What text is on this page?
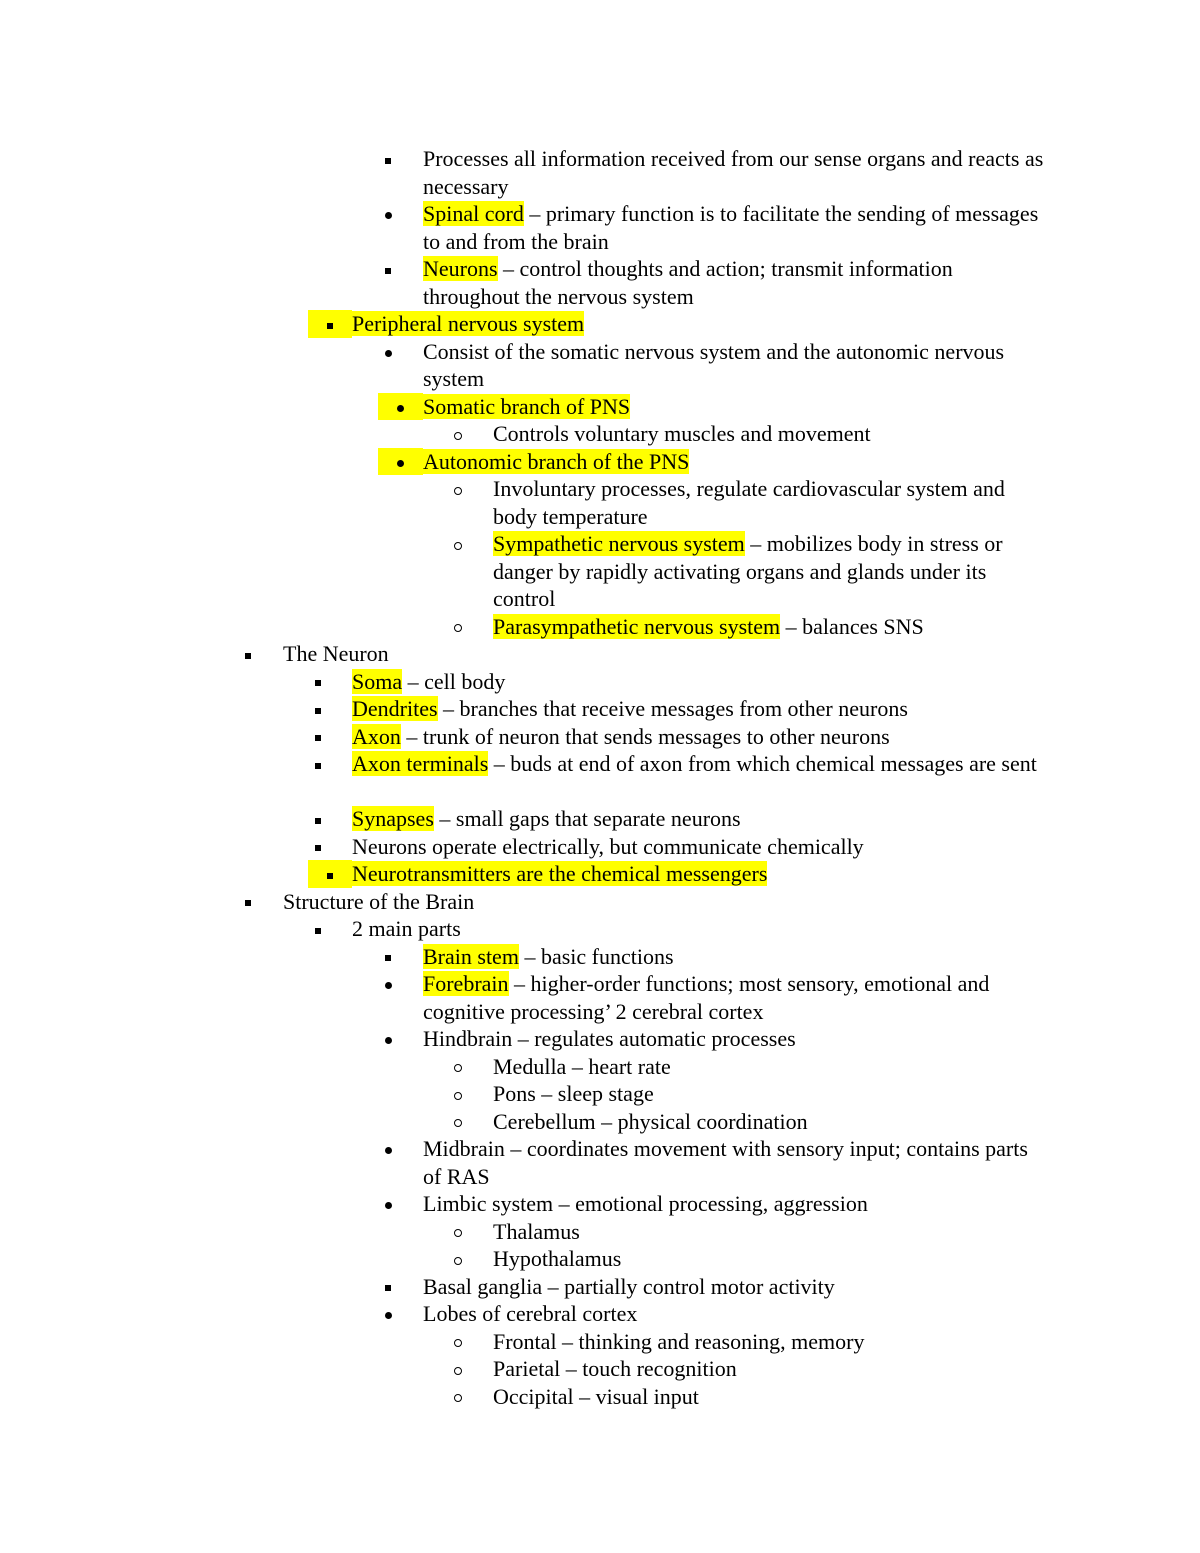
Processes all information received from our sense organs and reacts as necessary
Spinal cord – primary function is to facilitate the sending of messages to and from the brain
Neurons – control thoughts and action; transmit information throughout the nervous system
Peripheral nervous system
Consist of the somatic nervous system and the autonomic nervous system
Somatic branch of PNS
Controls voluntary muscles and movement
Autonomic branch of the PNS
Involuntary processes, regulate cardiovascular system and body temperature
Sympathetic nervous system – mobilizes body in stress or danger by rapidly activating organs and glands under its control
Parasympathetic nervous system – balances SNS
The Neuron
Soma – cell body
Dendrites – branches that receive messages from other neurons
Axon – trunk of neuron that sends messages to other neurons
Axon terminals – buds at end of axon from which chemical messages are sent
Synapses – small gaps that separate neurons
Neurons operate electrically, but communicate chemically
Neurotransmitters are the chemical messengers
Structure of the Brain
2 main parts
Brain stem – basic functions
Forebrain – higher-order functions; most sensory, emotional and cognitive processing’ 2 cerebral cortex
Hindbrain – regulates automatic processes
Medulla – heart rate
Pons – sleep stage
Cerebellum – physical coordination
Midbrain – coordinates movement with sensory input; contains parts of RAS
Limbic system – emotional processing, aggression
Thalamus
Hypothalamus
Basal ganglia – partially control motor activity
Lobes of cerebral cortex
Frontal – thinking and reasoning, memory
Parietal – touch recognition
Occipital – visual input
